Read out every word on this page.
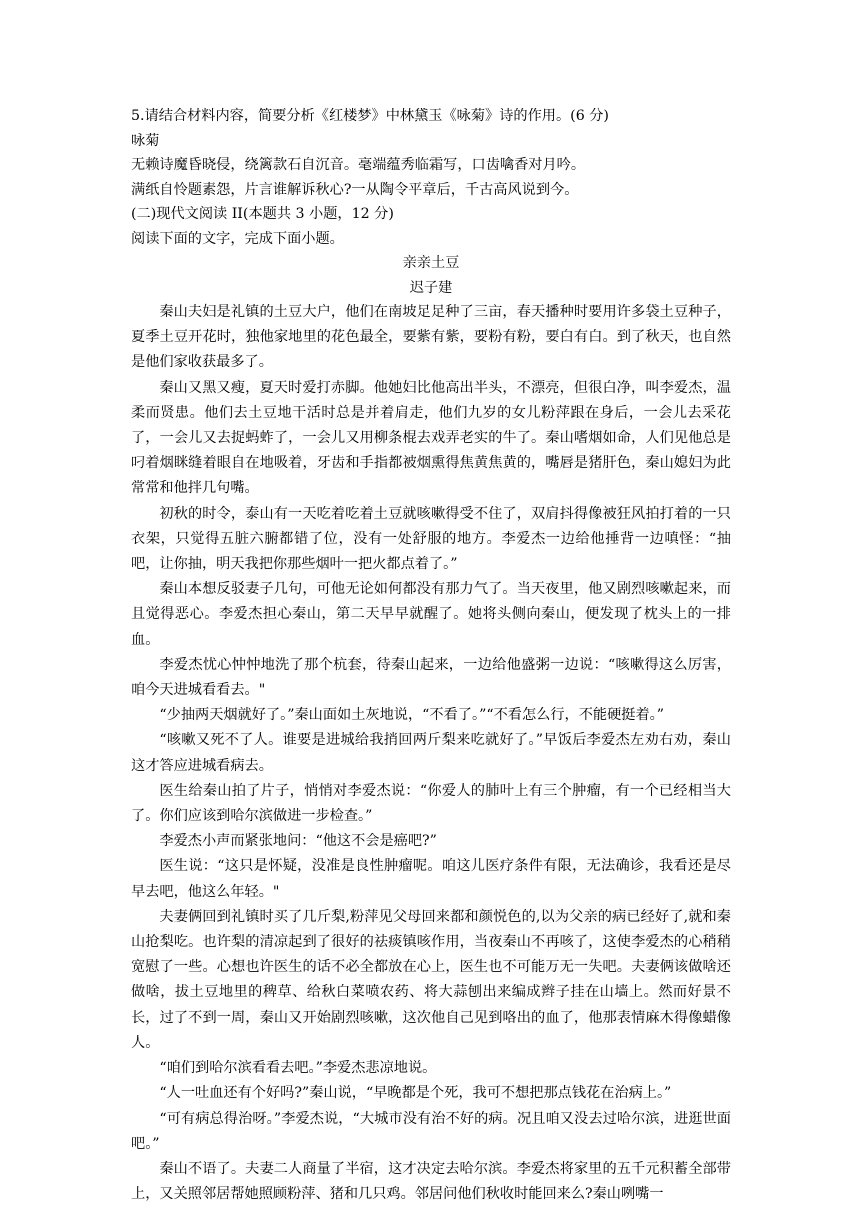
5.请结合材料内容，简要分析《红楼梦》中林黛玉《咏菊》诗的作用。(6 分)
咏菊
无赖诗魔昏晓侵，绕篱款石自沉音。毫端蕴秀临霜写，口齿噙香对月吟。
满纸自怜题素怨，片言谁解诉秋心?一从陶令平章后，千古高风说到今。
(二)现代文阅读 II(本题共 3 小题，12 分)
阅读下面的文字，完成下面小题。
亲亲土豆
迟子建

秦山夫妇是礼镇的土豆大户，他们在南坡足足种了三亩，春天播种时要用许多袋土豆种子，夏季土豆开花时，独他家地里的花色最全，要紫有紫，要粉有粉，要白有白。到了秋天，也自然是他们家收获最多了。

秦山又黑又瘦，夏天时爱打赤脚。他她妇比他高出半头，不漂亮，但很白净，叫李爱杰，温柔而贤患。他们去土豆地干活时总是并着肩走，他们九岁的女儿粉萍跟在身后，一会儿去采花了，一会儿又去捉蚂蚱了，一会儿又用柳条棍去戏弄老实的牛了。秦山嗜烟如命，人们见他总是叼着烟眯缝着眼自在地吸着，牙齿和手指都被烟熏得焦黄焦黄的，嘴唇是猪肝色，秦山媳妇为此常常和他拌几句嘴。

初秋的时令，泰山有一天吃着吃着土豆就咳嗽得受不住了，双肩抖得像被狂风拍打着的一只衣架，只觉得五脏六腑都错了位，没有一处舒服的地方。李爱杰一边给他捶背一边嗔怪：“抽吧，让你抽，明天我把你那些烟叶一把火都点着了。”

秦山本想反驳妻子几句，可他无论如何都没有那力气了。当天夜里，他又剧烈咳嗽起来，而且觉得恶心。李爱杰担心秦山，第二天早早就醒了。她将头侧向秦山，便发现了枕头上的一排血。

李爱杰忧心忡忡地洗了那个杭套，待秦山起来，一边给他盛粥一边说：“咳嗽得这么厉害，咱今天进城看看去。"

“少抽两天烟就好了。”秦山面如土灰地说，“不看了。”“不看怎么行，不能硬挺着。”

“咳嗽又死不了人。谁要是进城给我捎回两斤梨来吃就好了。”早饭后李爱杰左劝右劝，秦山这才答应进城看病去。

医生给秦山拍了片子，悄悄对李爱杰说：“你爱人的肺叶上有三个肿瘤，有一个已经相当大了。你们应该到哈尔滨做进一步检查。”

李爱杰小声而紧张地问：“他这不会是癌吧?”

医生说：“这只是怀疑，没准是良性肿瘤呢。咱这儿医疗条件有限，无法确诊，我看还是尽早去吧，他这么年轻。"

夫妻俩回到礼镇时买了几斤梨,粉萍见父母回来都和颜悦色的,以为父亲的病已经好了,就和秦山抢梨吃。也许梨的清凉起到了很好的祛痰镇咳作用，当夜秦山不再咳了，这使李爱杰的心稍稍宽慰了一些。心想也许医生的话不必全都放在心上，医生也不可能万无一失吧。夫妻俩该做啥还做啥，拔土豆地里的稗草、给秋白菜喷农药、将大蒜刨出来编成辫子挂在山墙上。然而好景不长，过了不到一周，秦山又开始剧烈咳嗽，这次他自己见到咯出的血了，他那表情麻木得像蜡像人。

“咱们到哈尔滨看看去吧。”李爱杰悲凉地说。

“人一吐血还有个好吗?”秦山说，“早晚都是个死，我可不想把那点钱花在治病上。”

“可有病总得治呀。”李爱杰说，“大城市没有治不好的病。况且咱又没去过哈尔滨，进逛世面吧。”

秦山不语了。夫妻二人商量了半宿，这才决定去哈尔滨。李爱杰将家里的五千元积蓄全部带上，又关照邻居帮她照顾粉萍、猪和几只鸡。邻居问他们秋收时能回来么?秦山咧嘴一
